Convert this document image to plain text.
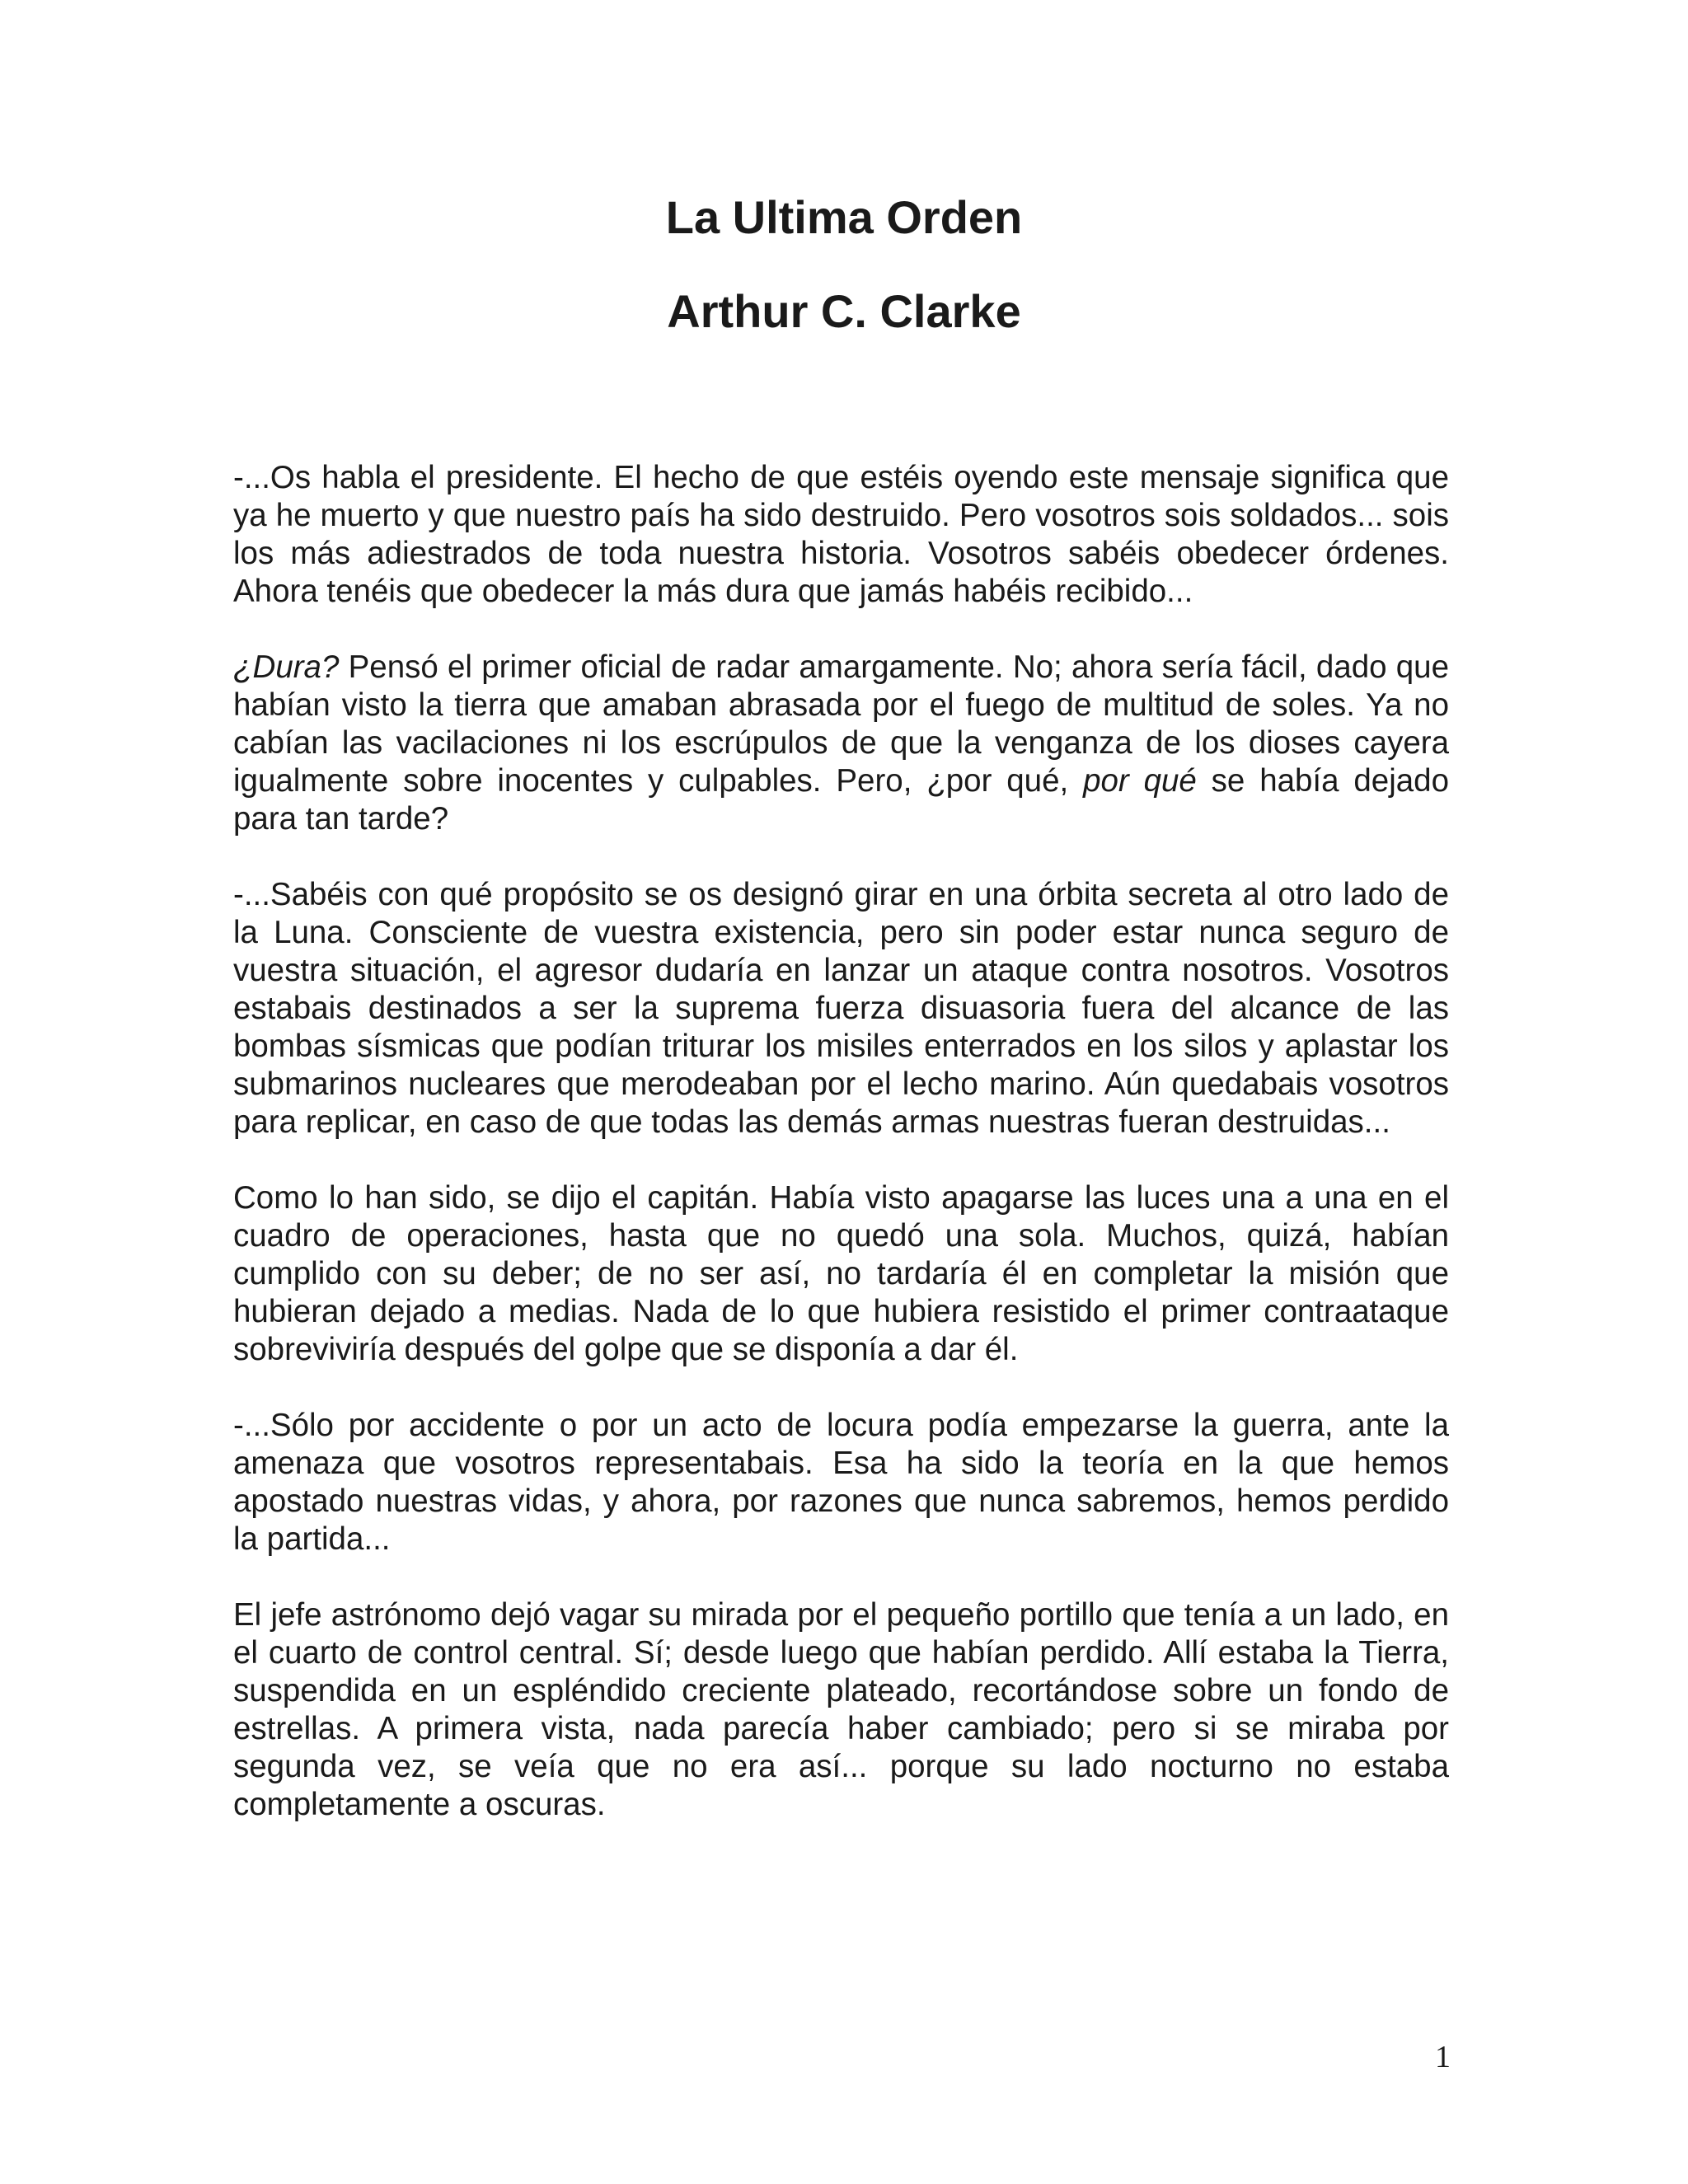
La Ultima Orden
Arthur C. Clarke

-...Os habla el presidente. El hecho de que estéis oyendo este mensaje significa que ya he muerto y que nuestro país ha sido destruido. Pero vosotros sois soldados... sois los más adiestrados de toda nuestra historia. Vosotros sabéis obedecer órdenes. Ahora tenéis que obedecer la más dura que jamás habéis recibido...

¿Dura? Pensó el primer oficial de radar amargamente. No; ahora sería fácil, dado que habían visto la tierra que amaban abrasada por el fuego de multitud de soles. Ya no cabían las vacilaciones ni los escrúpulos de que la venganza de los dioses cayera igualmente sobre inocentes y culpables. Pero, ¿por qué, por qué se había dejado para tan tarde?

-...Sabéis con qué propósito se os designó girar en una órbita secreta al otro lado de la Luna. Consciente de vuestra existencia, pero sin poder estar nunca seguro de vuestra situación, el agresor dudaría en lanzar un ataque contra nosotros. Vosotros estabais destinados a ser la suprema fuerza disuasoria fuera del alcance de las bombas sísmicas que podían triturar los misiles enterrados en los silos y aplastar los submarinos nucleares que merodeaban por el lecho marino. Aún quedabais vosotros para replicar, en caso de que todas las demás armas nuestras fueran destruidas...

Como lo han sido, se dijo el capitán. Había visto apagarse las luces una a una en el cuadro de operaciones, hasta que no quedó una sola. Muchos, quizá, habían cumplido con su deber; de no ser así, no tardaría él en completar la misión que hubieran dejado a medias. Nada de lo que hubiera resistido el primer contraataque sobreviviría después del golpe que se disponía a dar él.

-...Sólo por accidente o por un acto de locura podía empezarse la guerra, ante la amenaza que vosotros representabais. Esa ha sido la teoría en la que hemos apostado nuestras vidas, y ahora, por razones que nunca sabremos, hemos perdido la partida...

El jefe astrónomo dejó vagar su mirada por el pequeño portillo que tenía a un lado, en el cuarto de control central. Sí; desde luego que habían perdido. Allí estaba la Tierra, suspendida en un espléndido creciente plateado, recortándose sobre un fondo de estrellas. A primera vista, nada parecía haber cambiado; pero si se miraba por segunda vez, se veía que no era así... porque su lado nocturno no estaba completamente a oscuras.

1
